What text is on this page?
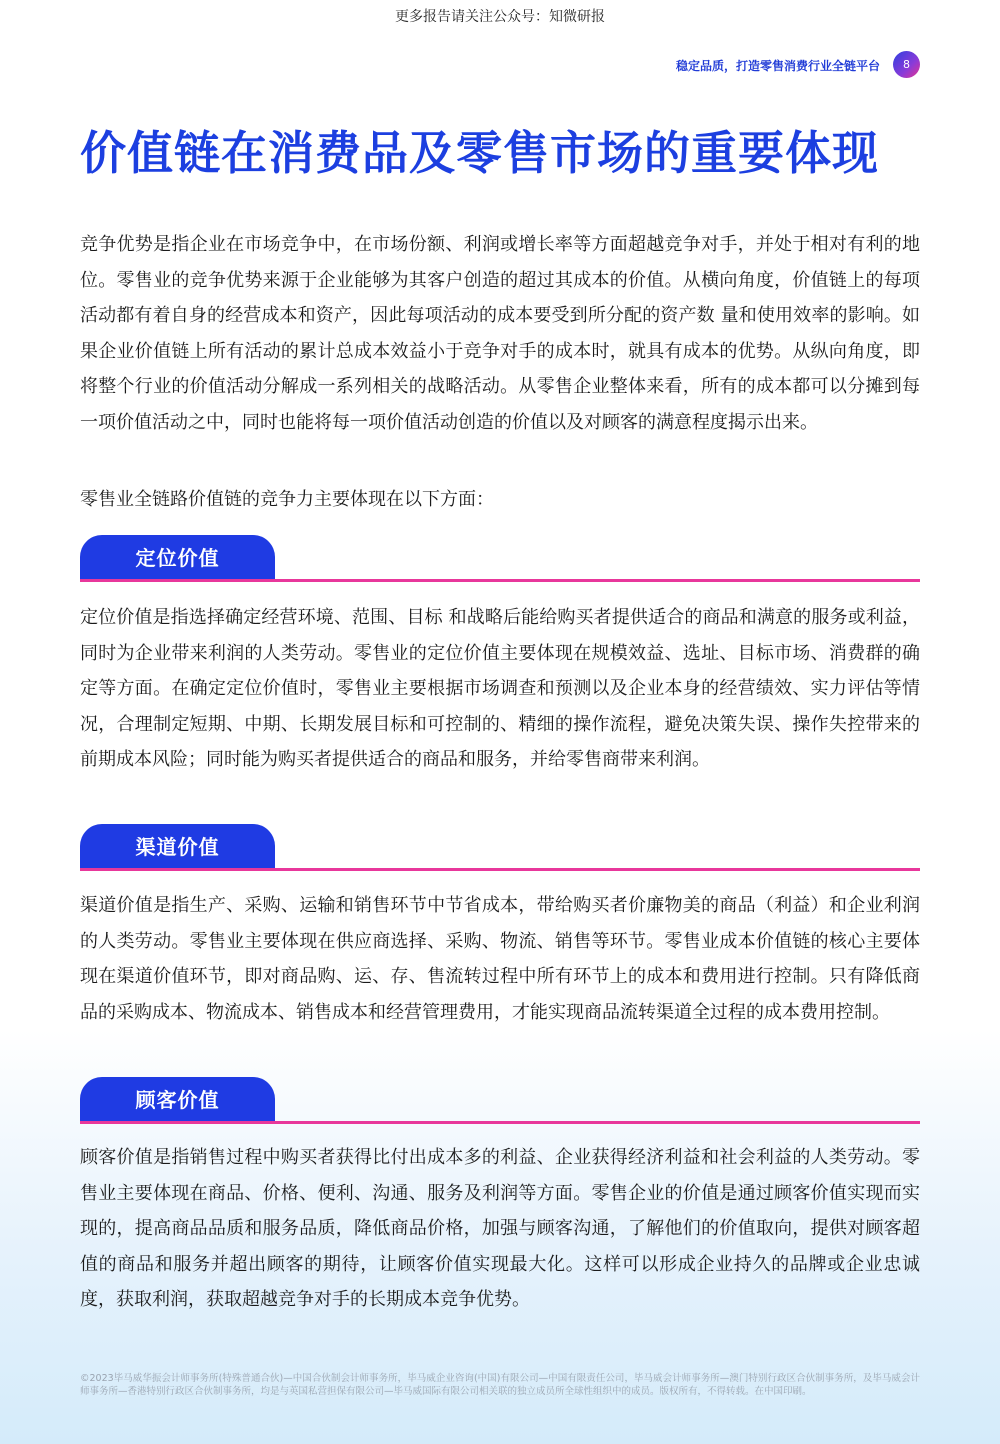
更多报告请关注公众号：知微研报
稳定品质，打造零售消费行业全链平台	8
价值链在消费品及零售市场的重要体现

竞争优势是指企业在市场竞争中，在市场份额、利润或增长率等方面超越竞争对手，并处于相对有利的地位。零售业的竞争优势来源于企业能够为其客户创造的超过其成本的价值。从横向角度，价值链上的每项活动都有着自身的经营成本和资产，因此每项活动的成本要受到所分配的资产数 量和使用效率的影响。如果企业价值链上所有活动的累计总成本效益小于竞争对手的成本时，就具有成本的优势。从纵向角度，即将整个行业的价值活动分解成一系列相关的战略活动。从零售企业整体来看，所有的成本都可以分摊到每一项价值活动之中，同时也能将每一项价值活动创造的价值以及对顾客的满意程度揭示出来。

零售业全链路价值链的竞争力主要体现在以下方面：

定位价值

定位价值是指选择确定经营环境、范围、目标 和战略后能给购买者提供适合的商品和满意的服务或利益，同时为企业带来利润的人类劳动。零售业的定位价值主要体现在规模效益、选址、目标市场、消费群的确定等方面。在确定定位价值时，零售业主要根据市场调查和预测以及企业本身的经营绩效、实力评估等情况，合理制定短期、中期、长期发展目标和可控制的、精细的操作流程，避免决策失误、操作失控带来的前期成本风险；同时能为购买者提供适合的商品和服务，并给零售商带来利润。

渠道价值

渠道价值是指生产、采购、运输和销售环节中节省成本，带给购买者价廉物美的商品（利益）和企业利润的人类劳动。零售业主要体现在供应商选择、采购、物流、销售等环节。零售业成本价值链的核心主要体现在渠道价值环节，即对商品购、运、存、售流转过程中所有环节上的成本和费用进行控制。只有降低商品的采购成本、物流成本、销售成本和经营管理费用，才能实现商品流转渠道全过程的成本费用控制。

顾客价值

顾客价值是指销售过程中购买者获得比付出成本多的利益、企业获得经济利益和社会利益的人类劳动。零售业主要体现在商品、价格、便利、沟通、服务及利润等方面。零售企业的价值是通过顾客价值实现而实现的，提高商品品质和服务品质，降低商品价格，加强与顾客沟通，了解他们的价值取向，提供对顾客超值的商品和服务并超出顾客的期待，让顾客价值实现最大化。这样可以形成企业持久的品牌或企业忠诚度，获取利润，获取超越竞争对手的长期成本竞争优势。

©2023毕马威华振会计师事务所(特殊普通合伙)—中国合伙制会计师事务所，毕马威企业咨询(中国)有限公司—中国有限责任公司，毕马威会计师事务所—澳门特别行政区合伙制事务所，及毕马威会计师事务所—香港特别行政区合伙制事务所，均是与英国私营担保有限公司—毕马威国际有限公司相关联的独立成员所全球性组织中的成员。版权所有，不得转载。在中国印刷。
